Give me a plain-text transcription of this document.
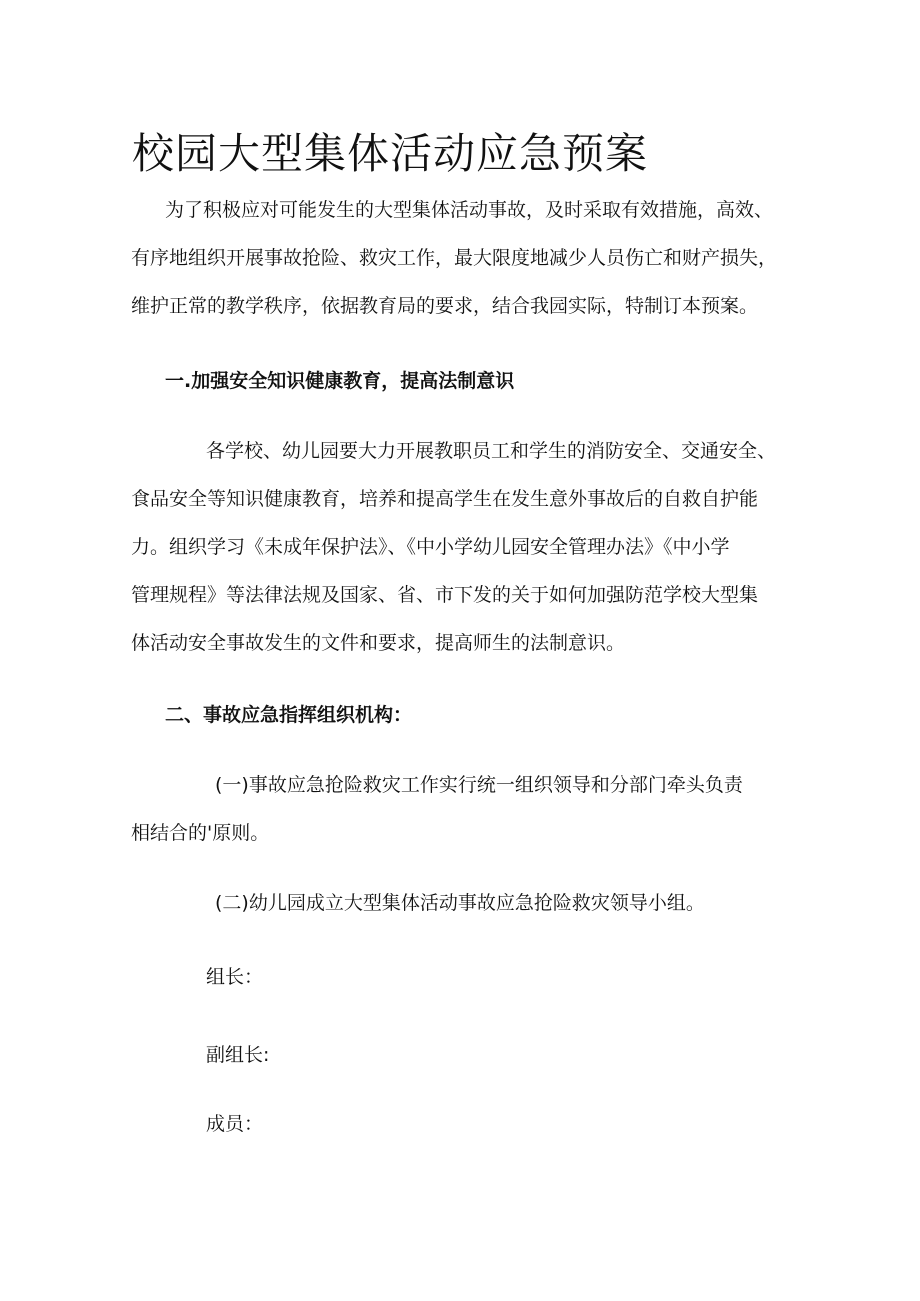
校园大型集体活动应急预案

为了积极应对可能发生的大型集体活动事故，及时采取有效措施，高效、

有序地组织开展事故抢险、救灾工作，最大限度地减少人员伤亡和财产损失，

维护正常的教学秩序，依据教育局的要求，结合我园实际，特制订本预案。

一.加强安全知识健康教育，提高法制意识

各学校、幼儿园要大力开展教职员工和学生的消防安全、交通安全、

食品安全等知识健康教育，培养和提高学生在发生意外事故后的自救自护能

力。组织学习《未成年保护法》、《中小学幼儿园安全管理办法》《中小学

管理规程》等法律法规及国家、省、市下发的关于如何加强防范学校大型集

体活动安全事故发生的文件和要求，提高师生的法制意识。

二、事故应急指挥组织机构：

(一)事故应急抢险救灾工作实行统一组织领导和分部门牵头负责

相结合的'原则。

(二)幼儿园成立大型集体活动事故应急抢险救灾领导小组。

组长：

副组长:

成员：
